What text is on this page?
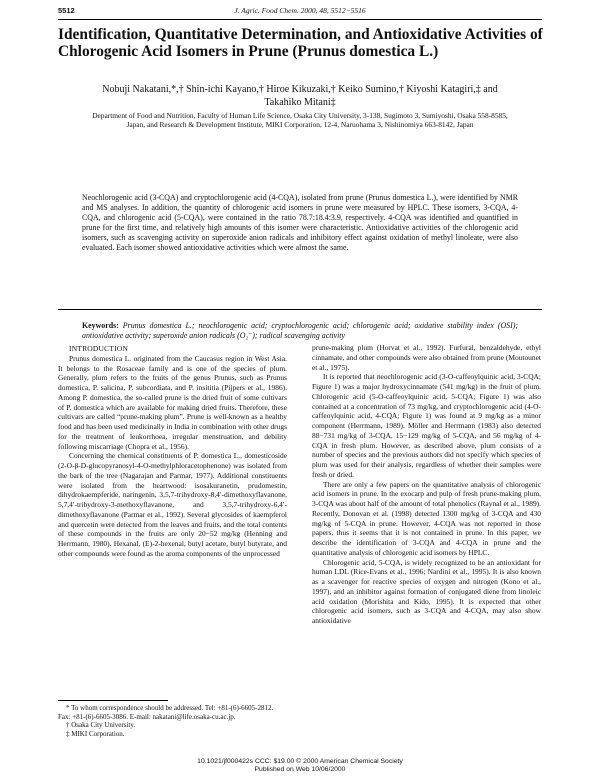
5512	J. Agric. Food Chem. 2000, 48, 5512−5516
Identification, Quantitative Determination, and Antioxidative Activities of Chlorogenic Acid Isomers in Prune (Prunus domestica L.)
Nobuji Nakatani,*,† Shin-ichi Kayano,† Hiroe Kikuzaki,† Keiko Sumino,† Kiyoshi Katagiri,‡ and
Takahiko Mitani‡
Department of Food and Nutrition, Faculty of Human Life Science, Osaka City University, 3-138, Sugimoto 3, Sumiyoshi, Osaka 558-8585, Japan, and Research & Development Institute, MIKI Corporation, 12-4, Naruohama 3, Nishinomiya 663-8142, Japan
Neochlorogenic acid (3-CQA) and cryptochlorogenic acid (4-CQA), isolated from prune (Prunus domestica L.), were identified by NMR and MS analyses. In addition, the quantity of chlorogenic acid isomers in prune were measured by HPLC. These isomers, 3-CQA, 4-CQA, and chlorogenic acid (5-CQA), were contained in the ratio 78.7:18.4:3.9, respectively. 4-CQA was identified and quantified in prune for the first time, and relatively high amounts of this isomer were characteristic. Antioxidative activities of the chlorogenic acid isomers, such as scavenging activity on superoxide anion radicals and inhibitory effect against oxidation of methyl linoleate, were also evaluated. Each isomer showed antioxidative activities which were almost the same.
Keywords: Prunus domestica L.; neochlorogenic acid; cryptochlorogenic acid; chlorogenic acid; oxidative stability index (OSI); antioxidative activity; superoxide anion radicals (O₂⁻); radical scavenging activity

INTRODUCTION

Prunus domestica L. originated from the Caucasus region in West Asia. It belongs to the Rosaceae family and is one of the species of plum. Generally, plum refers to the fruits of the genus Prunus, such as Prunus domestica, P. salicina, P. subcordiata, and P. insititia (Pijpers et al., 1986). Among P. domestica, the so-called prune is the dried fruit of some cultivars of P. domestica which are available for making dried fruits. Therefore, these cultivars are called “prune-making plum”. Prune is well-known as a healthy food and has been used medicinally in India in combination with other drugs for the treatment of leukorrhoea, irregular menstruation, and debility following miscarriage (Chopra et al., 1956).

Concerning the chemical constituents of P. domestica L., domesticoside (2-O-β-D-glucopyranosyl-4-O-methylphloracetophenone) was isolated from the bark of the tree (Nagarajan and Parmar, 1977). Additional constituents were isolated from the heartwood: isosakuranetin, prudomestin, dihydrokaempferide, naringenin, 3,5,7-trihydroxy-8,4′-dimethoxyflavanone, 5,7,4′-tribydroxy-3-methoxyflavanone, and 3,5,7-trihydroxy-6,4′-dimethoxyflavanone (Parmar et al., 1992). Several glycosides of kaempferol and quercetin were detected from the leaves and fruits, and the total contents of these compounds in the fruits are only 20−52 mg/kg (Henning and Herrmann, 1980). Hexanal, (E)-2-hexenal, butyl acetate, butyl butyrate, and other compounds were found as the aroma components of the unprocessed

prune-making plum (Horvat et al., 1992). Furfural, benzaldehyde, ethyl cinnamate, and other compounds were also obtained from prune (Moutounet et al., 1975).

It is reported that neochlorogenic acid (3-O-caffeoylquinic acid, 3-CQA; Figure 1) was a major hydroxycinnamate (541 mg/kg) in the fruit of plum. Chlorogenic acid (5-O-caffeoylquinic acid, 5-CQA; Figure 1) was also contained at a concentration of 73 mg/kg, and cryptochlorogenic acid (4-O-caffeoylquinic acid, 4-CQA; Figure 1) was found at 9 mg/kg as a minor component (Herrmann, 1989). Möller and Herrmann (1983) also detected 88−731 mg/kg of 3-CQA, 15−129 mg/kg of 5-CQA, and 56 mg/kg of 4-CQA in fresh plum. However, as described above, plum consists of a number of species and the previous authors did not specify which species of plum was used for their analysis, regardless of whether their samples were fresh or dried.

There are only a few papers on the quantitative analysis of chlorogenic acid isomers in prune. In the exocarp and pulp of fresh prune-making plum, 3-CQA was about half of the amount of total phenolics (Raynal et al., 1989). Recently, Donovan et al. (1998) detected 1300 mg/kg of 3-CQA and 430 mg/kg of 5-CQA in prune. However, 4-CQA was not reported in those papers, thus it seems that it is not contained in prune. In this paper, we describe the identification of 3-CQA and 4-CQA in prune and the quantitative analysis of chlorogenic acid isomers by HPLC.

Chlorogenic acid, 5-CQA, is widely recognized to be an antioxidant for human LDL (Rice-Evans et al., 1996; Nardini et al., 1995). It is also known as a scavenger for reactive species of oxygen and nitrogen (Kono et al., 1997), and an inhibitor against formation of conjugated diene from linoleic acid oxidation (Morishita and Kido, 1995). It is expected that other chlorogenic acid isomers, such as 3-CQA and 4-CQA, may also show antioxidative

* To whom correspondence should be addressed. Tel: +81-(6)-6605-2812. Fax: +81-(6)-6605-3086. E-mail: nakatani@life.osaka-cu.ac.jp.
† Osaka City University.
‡ MIKI Corporation.
10.1021/jf000422s CCC: $19.00 © 2000 American Chemical Society
Published on Web 10/06/2000
